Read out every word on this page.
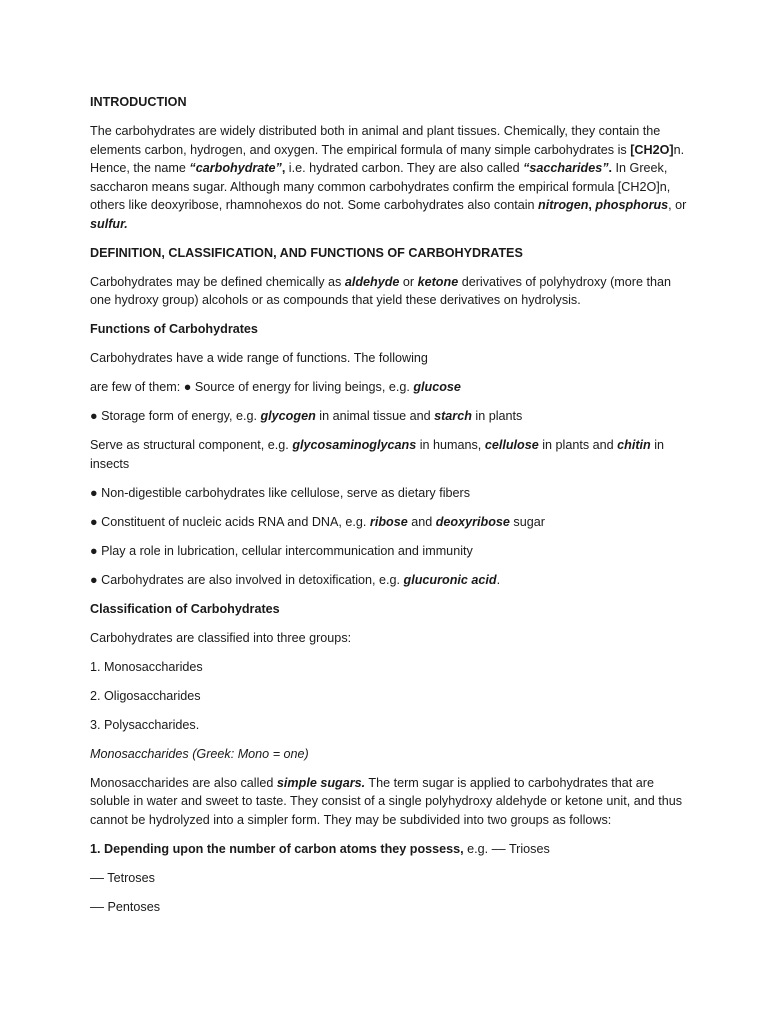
INTRODUCTION

The carbohydrates are widely distributed both in animal and plant tissues. Chemically, they contain the elements carbon, hydrogen, and oxygen. The empirical formula of many simple carbohydrates is [CH2O]n. Hence, the name “carbohydrate”, i.e. hydrated carbon. They are also called “saccharides”. In Greek, saccharon means sugar. Although many common carbohydrates confirm the empirical formula [CH2O]n, others like deoxyribose, rhamnohexos do not. Some carbohydrates also contain nitrogen, phosphorus, or sulfur.

DEFINITION, CLASSIFICATION, AND FUNCTIONS OF CARBOHYDRATES

Carbohydrates may be defined chemically as aldehyde or ketone derivatives of polyhydroxy (more than one hydroxy group) alcohols or as compounds that yield these derivatives on hydrolysis.

Functions of Carbohydrates

Carbohydrates have a wide range of functions. The following

are few of them: ● Source of energy for living beings, e.g. glucose

● Storage form of energy, e.g. glycogen in animal tissue and starch in plants

Serve as structural component, e.g. glycosaminoglycans in humans, cellulose in plants and chitin in insects

● Non-digestible carbohydrates like cellulose, serve as dietary fibers

● Constituent of nucleic acids RNA and DNA, e.g. ribose and deoxyribose sugar

● Play a role in lubrication, cellular intercommunication and immunity

● Carbohydrates are also involved in detoxification, e.g. glucuronic acid.

Classification of Carbohydrates

Carbohydrates are classified into three groups:

1. Monosaccharides

2. Oligosaccharides

3. Polysaccharides.

Monosaccharides (Greek: Mono = one)

Monosaccharides are also called simple sugars. The term sugar is applied to carbohydrates that are soluble in water and sweet to taste. They consist of a single polyhydroxy aldehyde or ketone unit, and thus cannot be hydrolyzed into a simpler form. They may be subdivided into two groups as follows:

1. Depending upon the number of carbon atoms they possess, e.g. –– Trioses

–– Tetroses

–– Pentoses
